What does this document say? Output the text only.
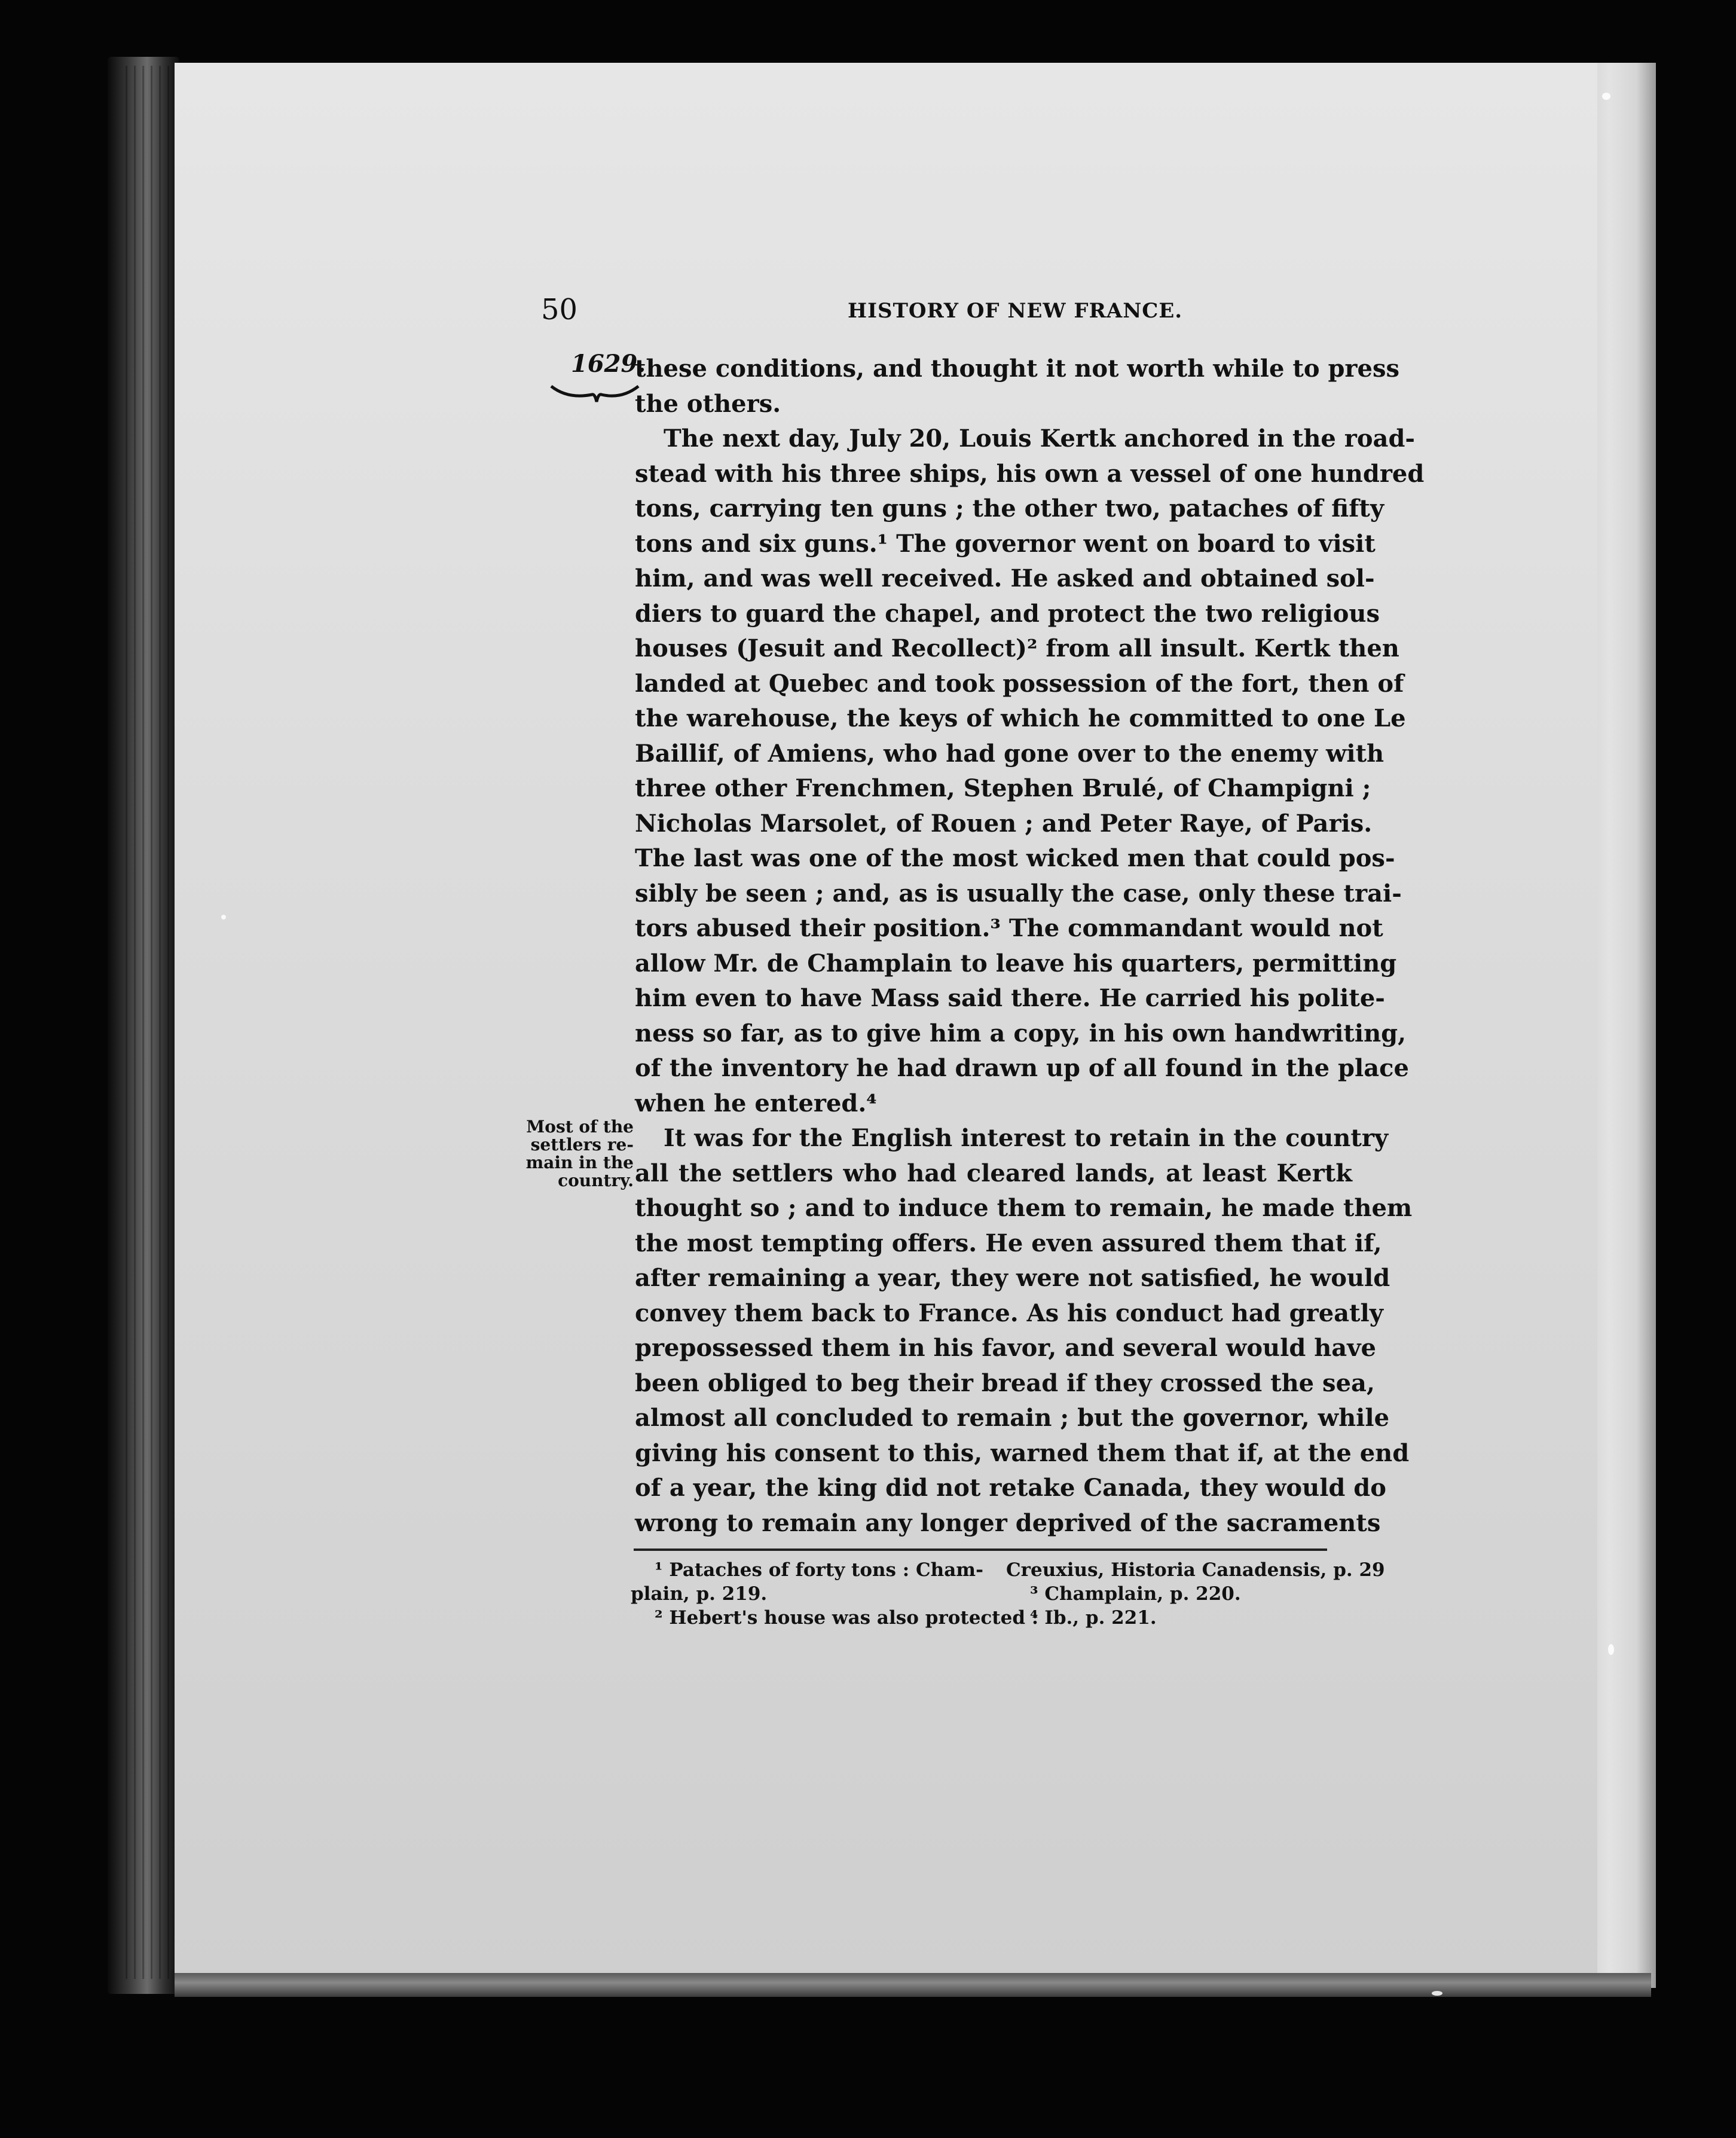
50	HISTORY OF NEW FRANCE.
1629.
these conditions, and thought it not worth while to press
the others.
The next day, July 20, Louis Kertk anchored in the road-
stead with his three ships, his own a vessel of one hundred
tons, carrying ten guns ; the other two, pataches of fifty
tons and six guns.¹ The governor went on board to visit
him, and was well received. He asked and obtained sol-
diers to guard the chapel, and protect the two religious
houses (Jesuit and Recollect)² from all insult. Kertk then
landed at Quebec and took possession of the fort, then of
the warehouse, the keys of which he committed to one Le
Baillif, of Amiens, who had gone over to the enemy with
three other Frenchmen, Stephen Brulé, of Champigni ;
Nicholas Marsolet, of Rouen ; and Peter Raye, of Paris.
The last was one of the most wicked men that could pos-
sibly be seen ; and, as is usually the case, only these trai-
tors abused their position.³ The commandant would not
allow Mr. de Champlain to leave his quarters, permitting
him even to have Mass said there. He carried his polite-
ness so far, as to give him a copy, in his own handwriting,
of the inventory he had drawn up of all found in the place
when he entered.⁴
It was for the English interest to retain in the country
all the settlers who had cleared lands, at least Kertk
thought so ; and to induce them to remain, he made them
the most tempting offers. He even assured them that if,
after remaining a year, they were not satisfied, he would
convey them back to France. As his conduct had greatly
prepossessed them in his favor, and several would have
been obliged to beg their bread if they crossed the sea,
almost all concluded to remain ; but the governor, while
giving his consent to this, warned them that if, at the end
of a year, the king did not retake Canada, they would do
wrong to remain any longer deprived of the sacraments
Most of the
settlers re-
main in the
country.
¹ Pataches of forty tons : Cham-
plain, p. 219.
² Hebert's house was also protected :
Creuxius, Historia Canadensis, p. 29
³ Champlain, p. 220.
⁴ Ib., p. 221.
